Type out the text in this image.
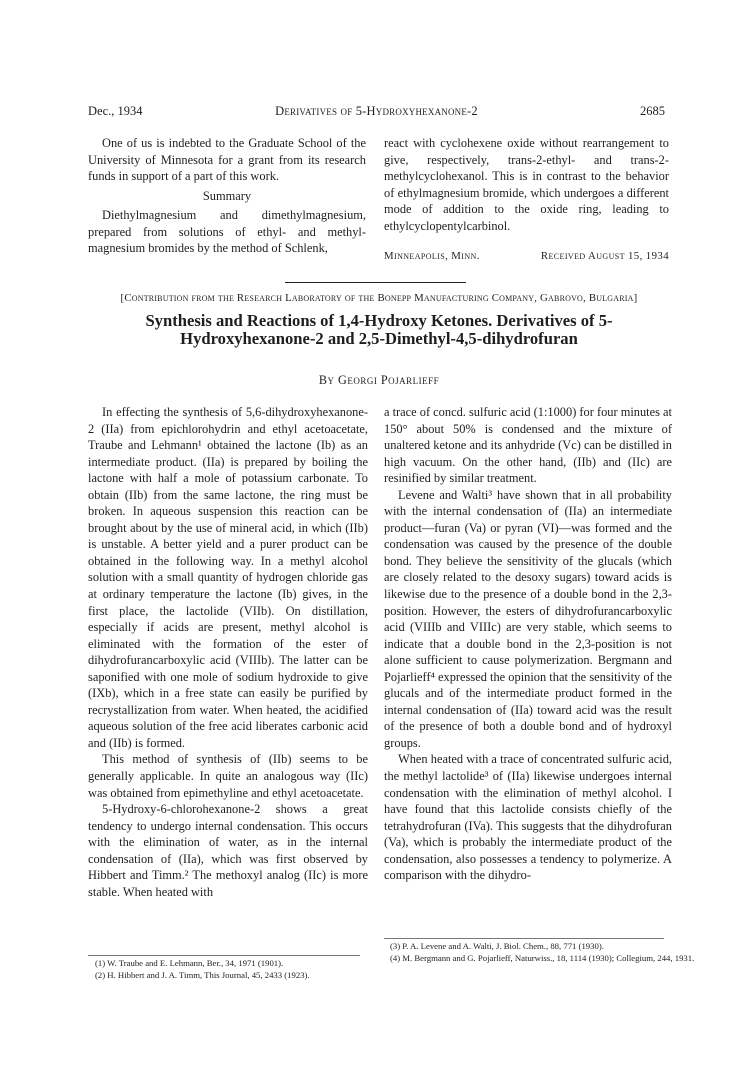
Dec., 1934	Derivatives of 5-Hydroxyhexanone-2	2685

One of us is indebted to the Graduate School of the University of Minnesota for a grant from its research funds in support of a part of this work.

Summary

Diethylmagnesium and dimethylmagnesium, prepared from solutions of ethyl- and methyl-magnesium bromides by the method of Schlenk,

react with cyclohexene oxide without rearrangement to give, respectively, trans-2-ethyl- and trans-2-methylcyclohexanol. This is in contrast to the behavior of ethylmagnesium bromide, which undergoes a different mode of addition to the oxide ring, leading to ethylcyclopentylcarbinol.

Minneapolis, Minn.	Received August 15, 1934
[Contribution from the Research Laboratory of the Bonepp Manufacturing Company, Gabrovo, Bulgaria]
Synthesis and Reactions of 1,4-Hydroxy Ketones. Derivatives of 5-Hydroxyhexanone-2 and 2,5-Dimethyl-4,5-dihydrofuran
By Georgi Pojarlieff

In effecting the synthesis of 5,6-dihydroxyhexanone-2 (IIa) from epichlorohydrin and ethyl acetoacetate, Traube and Lehmann¹ obtained the lactone (Ib) as an intermediate product. (IIa) is prepared by boiling the lactone with half a mole of potassium carbonate. To obtain (IIb) from the same lactone, the ring must be broken. In aqueous suspension this reaction can be brought about by the use of mineral acid, in which (IIb) is unstable. A better yield and a purer product can be obtained in the following way. In a methyl alcohol solution with a small quantity of hydrogen chloride gas at ordinary temperature the lactone (Ib) gives, in the first place, the lactolide (VIIb). On distillation, especially if acids are present, methyl alcohol is eliminated with the formation of the ester of dihydrofurancarboxylic acid (VIIIb). The latter can be saponified with one mole of sodium hydroxide to give (IXb), which in a free state can easily be purified by recrystallization from water. When heated, the acidified aqueous solution of the free acid liberates carbonic acid and (IIb) is formed.

This method of synthesis of (IIb) seems to be generally applicable. In quite an analogous way (IIc) was obtained from epimethyline and ethyl acetoacetate.

5-Hydroxy-6-chlorohexanone-2 shows a great tendency to undergo internal condensation. This occurs with the elimination of water, as in the internal condensation of (IIa), which was first observed by Hibbert and Timm.² The methoxyl analog (IIc) is more stable. When heated with

a trace of concd. sulfuric acid (1:1000) for four minutes at 150° about 50% is condensed and the mixture of unaltered ketone and its anhydride (Vc) can be distilled in high vacuum. On the other hand, (IIb) and (IIc) are resinified by similar treatment.

Levene and Walti³ have shown that in all probability with the internal condensation of (IIa) an intermediate product—furan (Va) or pyran (VI)—was formed and the condensation was caused by the presence of the double bond. They believe the sensitivity of the glucals (which are closely related to the desoxy sugars) toward acids is likewise due to the presence of a double bond in the 2,3-position. However, the esters of dihydrofurancarboxylic acid (VIIIb and VIIIc) are very stable, which seems to indicate that a double bond in the 2,3-position is not alone sufficient to cause polymerization. Bergmann and Pojarlieff⁴ expressed the opinion that the sensitivity of the glucals and of the intermediate product formed in the internal condensation of (IIa) toward acid was the result of the presence of both a double bond and of hydroxyl groups.

When heated with a trace of concentrated sulfuric acid, the methyl lactolide³ of (IIa) likewise undergoes internal condensation with the elimination of methyl alcohol. I have found that this lactolide consists chiefly of the tetrahydrofuran (IVa). This suggests that the dihydrofuran (Va), which is probably the intermediate product of the condensation, also possesses a tendency to polymerize. A comparison with the dihydro-

(1) W. Traube and E. Lehmann, Ber., 34, 1971 (1901).
(2) H. Hibbert and J. A. Timm, This Journal, 45, 2433 (1923).
(3) P. A. Levene and A. Walti, J. Biol. Chem., 88, 771 (1930).
(4) M. Bergmann and G. Pojarlieff, Naturwiss., 18, 1114 (1930); Collegium, 244, 1931.
